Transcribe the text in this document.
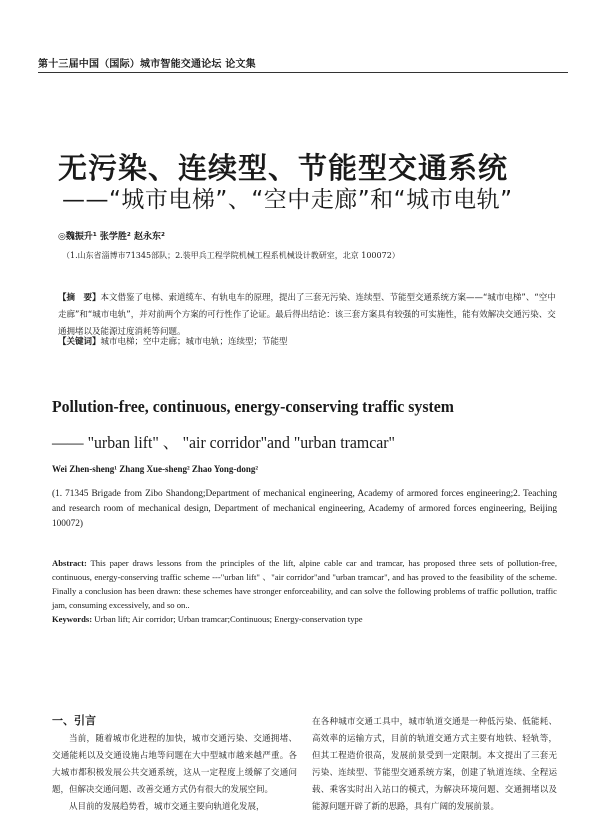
第十三届中国（国际）城市智能交通论坛 论文集
无污染、连续型、节能型交通系统
——“城市电梯”、“空中走廊”和“城市电轨”
◎魏振升¹ 张学胜² 赵永东²
（1.山东省淄博市71345部队；2.装甲兵工程学院机械工程系机械设计教研室，北京 100072）
【摘　要】本文借鉴了电梯、索道缆车、有轨电车的原理，提出了三套无污染、连续型、节能型交通系统方案——“城市电梯”、“空中走廊”和“城市电轨”，并对前两个方案的可行性作了论证。最后得出结论：该三套方案具有较强的可实施性，能有效解决交通污染、交通拥堵以及能源过度消耗等问题。
【关键词】城市电梯；空中走廊；城市电轨；连续型；节能型
Pollution-free, continuous, energy-conserving traffic system
—— "urban lift" 、 "air corridor"and "urban tramcar"
Wei Zhen-sheng¹ Zhang Xue-sheng² Zhao Yong-dong²
(1. 71345 Brigade from Zibo Shandong;Department of mechanical engineering, Academy of armored forces engineering;2. Teaching and research room of mechanical design, Department of mechanical engineering, Academy of armored forces engineering, Beijing 100072)
Abstract: This paper draws lessons from the principles of the lift, alpine cable car and tramcar, has proposed three sets of pollution-free, continuous, energy-conserving traffic scheme ---"urban lift" 、"air corridor"and "urban tramcar", and has proved to the feasibility of the scheme. Finally a conclusion has been drawn: these schemes have stronger enforceability, and can solve the following problems of traffic pollution, traffic jam, consuming excessively, and so on..
Keywords: Urban lift; Air corridor; Urban tramcar;Continuous; Energy-conservation type
一、引言

当前，随着城市化进程的加快，城市交通污染、交通拥堵、交通能耗以及交通设施占地等问题在大中型城市越来越严重。各大城市都积极发展公共交通系统，这从一定程度上缓解了交通问题，但解决交通问题、改善交通方式仍有很大的发展空间。

从目前的发展趋势看，城市交通主要向轨道化发展，

在各种城市交通工具中，城市轨道交通是一种低污染、低能耗、高效率的运输方式，目前的轨道交通方式主要有地铁、轻轨等，但其工程造价很高，发展前景受到一定限制。本文提出了三套无污染、连续型、节能型交通系统方案，创建了轨道连续、全程运载、乘客实时出入站口的模式，为解决环境问题、交通拥堵以及能源问题开辟了新的思路，具有广阔的发展前景。
